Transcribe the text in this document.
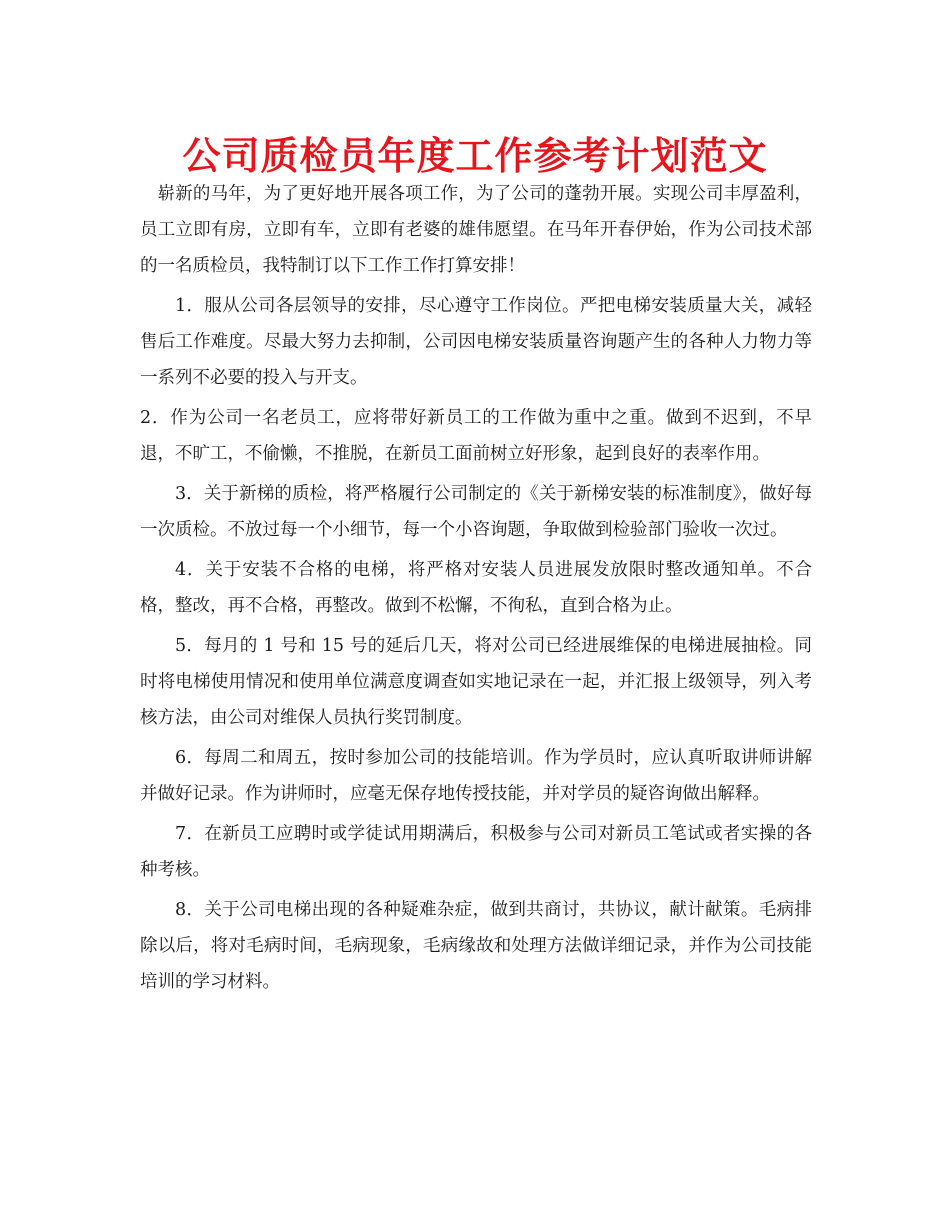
公司质检员年度工作参考计划范文

崭新的马年，为了更好地开展各项工作，为了公司的蓬勃开展。实现公司丰厚盈利，员工立即有房，立即有车，立即有老婆的雄伟愿望。在马年开春伊始，作为公司技术部的一名质检员，我特制订以下工作工作打算安排！

1．服从公司各层领导的安排，尽心遵守工作岗位。严把电梯安装质量大关，减轻售后工作难度。尽最大努力去抑制，公司因电梯安装质量咨询题产生的各种人力物力等一系列不必要的投入与开支。

2．作为公司一名老员工，应将带好新员工的工作做为重中之重。做到不迟到，不早退，不旷工，不偷懒，不推脱，在新员工面前树立好形象，起到良好的表率作用。

3．关于新梯的质检，将严格履行公司制定的《关于新梯安装的标准制度》，做好每一次质检。不放过每一个小细节，每一个小咨询题，争取做到检验部门验收一次过。

4．关于安装不合格的电梯，将严格对安装人员进展发放限时整改通知单。不合格，整改，再不合格，再整改。做到不松懈，不徇私，直到合格为止。

5．每月的 1 号和 15 号的延后几天，将对公司已经进展维保的电梯进展抽检。同时将电梯使用情况和使用单位满意度调查如实地记录在一起，并汇报上级领导，列入考核方法，由公司对维保人员执行奖罚制度。

6．每周二和周五，按时参加公司的技能培训。作为学员时，应认真听取讲师讲解并做好记录。作为讲师时，应毫无保存地传授技能，并对学员的疑咨询做出解释。

7．在新员工应聘时或学徒试用期满后，积极参与公司对新员工笔试或者实操的各种考核。

8．关于公司电梯出现的各种疑难杂症，做到共商讨，共协议，献计献策。毛病排除以后，将对毛病时间，毛病现象，毛病缘故和处理方法做详细记录，并作为公司技能培训的学习材料。
